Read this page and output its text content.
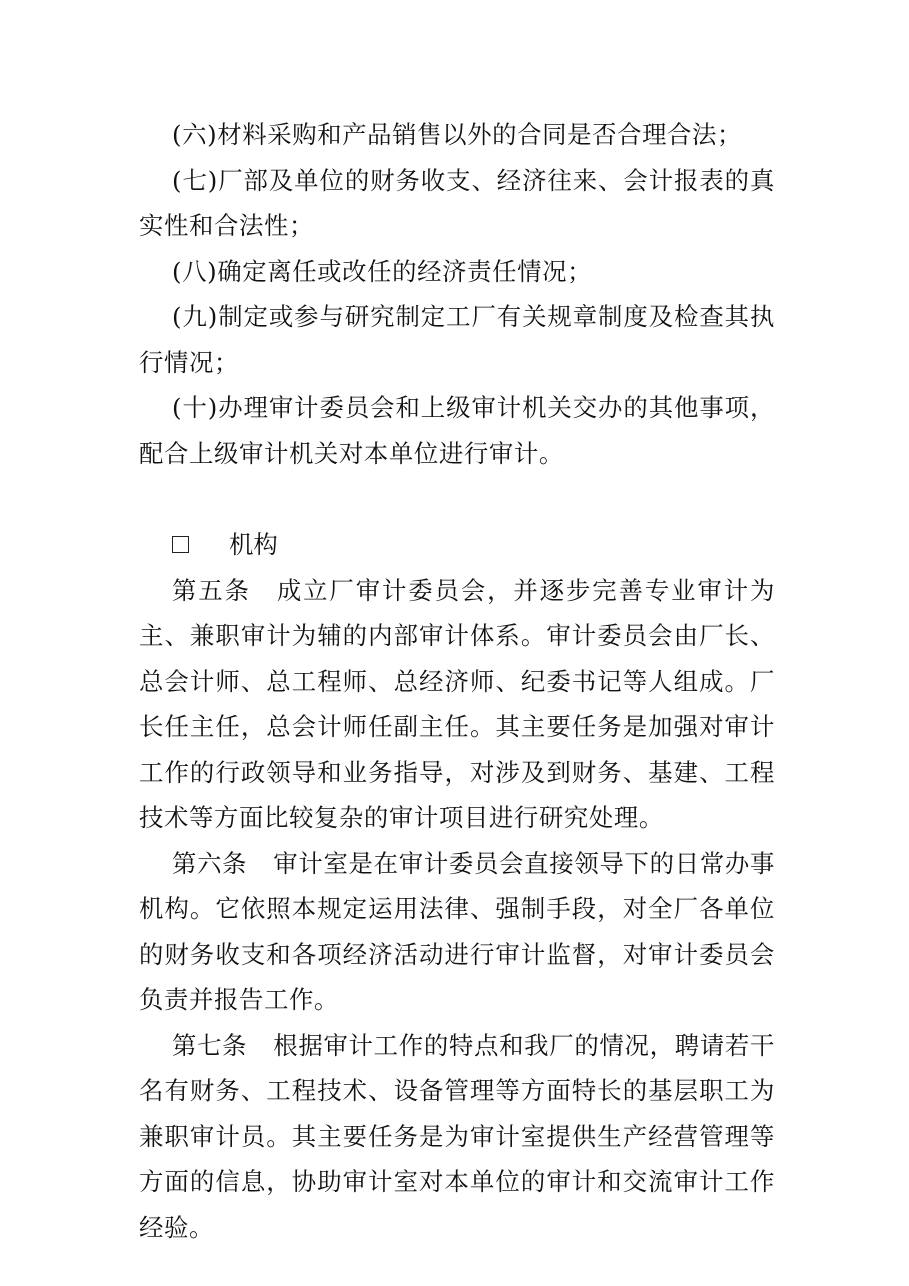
(六)材料采购和产品销售以外的合同是否合理合法；

(七)厂部及单位的财务收支、经济往来、会计报表的真实性和合法性；

(八)确定离任或改任的经济责任情况；

(九)制定或参与研究制定工厂有关规章制度及检查其执行情况；

(十)办理审计委员会和上级审计机关交办的其他事项，配合上级审计机关对本单位进行审计。

机构

第五条 成立厂审计委员会，并逐步完善专业审计为主、兼职审计为辅的内部审计体系。审计委员会由厂长、总会计师、总工程师、总经济师、纪委书记等人组成。厂长任主任，总会计师任副主任。其主要任务是加强对审计工作的行政领导和业务指导，对涉及到财务、基建、工程技术等方面比较复杂的审计项目进行研究处理。

第六条 审计室是在审计委员会直接领导下的日常办事机构。它依照本规定运用法律、强制手段，对全厂各单位的财务收支和各项经济活动进行审计监督，对审计委员会负责并报告工作。

第七条 根据审计工作的特点和我厂的情况，聘请若干名有财务、工程技术、设备管理等方面特长的基层职工为兼职审计员。其主要任务是为审计室提供生产经营管理等方面的信息，协助审计室对本单位的审计和交流审计工作经验。
